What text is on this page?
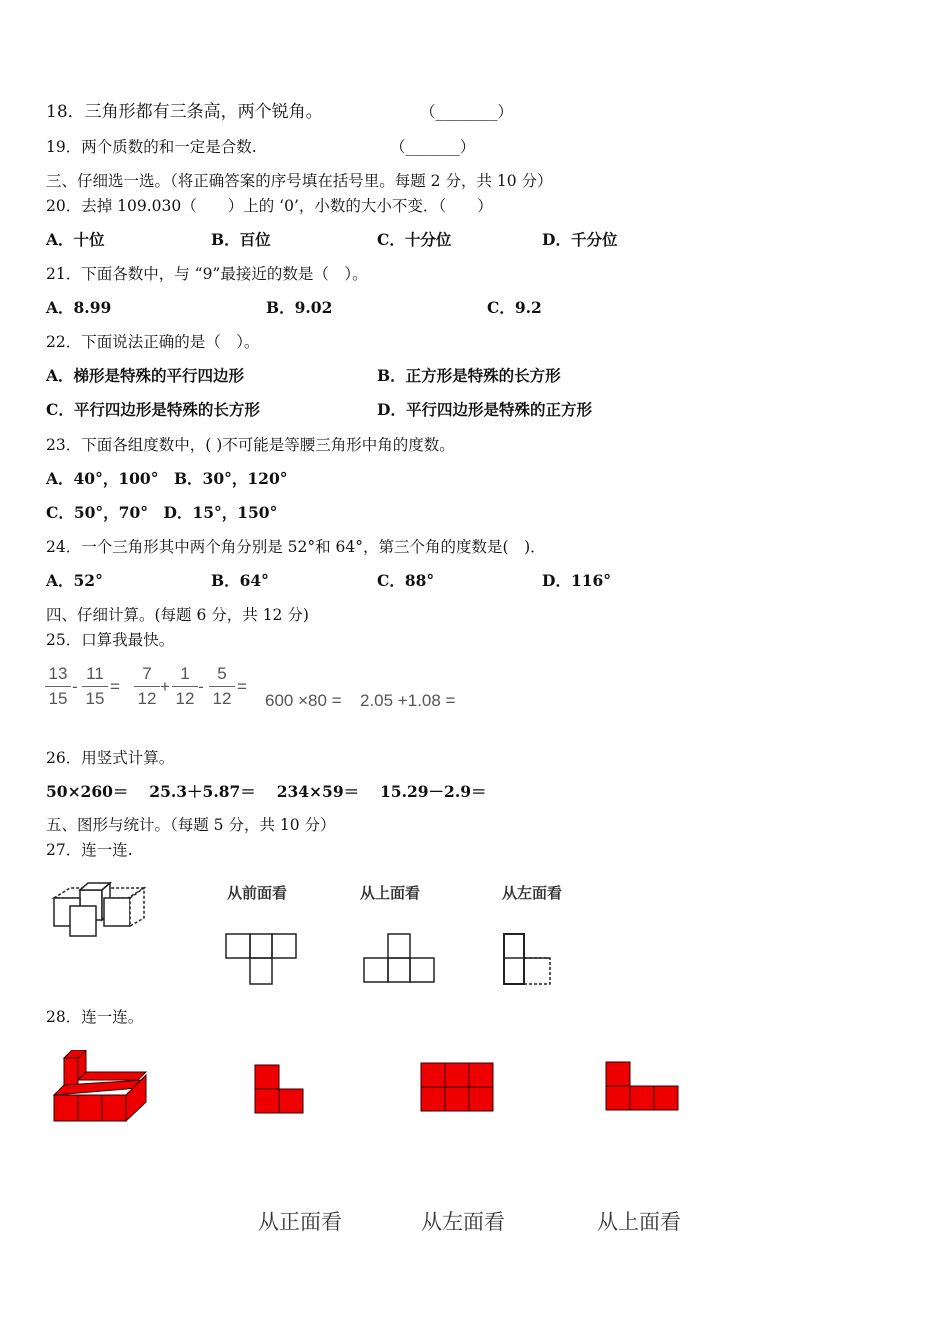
18．三角形都有三条高，两个锐角。	（________）
19．两个质数的和一定是合数.	（_______）
三、仔细选一选。（将正确答案的序号填在括号里。每题 2 分，共 10 分）
20．去掉 109.030（　　）上的 ‘0’，小数的大小不变．（　　）
A．十位	B．百位	C．十分位	D．千分位
21．下面各数中，与 “9”最接近的数是（　）。
A．8.99	B．9.02	C．9.2
22．下面说法正确的是（　）。
A．梯形是特殊的平行四边形	B．正方形是特殊的长方形
C．平行四边形是特殊的长方形	D．平行四边形是特殊的正方形
23．下面各组度数中，( )不可能是等腰三角形中角的度数。
A．40°，100°　B．30°，120°
C．50°，70°　D．15°，150°
24．一个三角形其中两个角分别是 52°和 64°，第三个角的度数是(　)．
A．52°	B．64°	C．88°	D．116°
四、仔细计算。(每题 6 分，共 12 分)
25．口算我最快。
$\frac{13}{15} - \frac{11}{15} = \frac{7}{12} + \frac{1}{12} - \frac{5}{12}$ =
600 ×80 = 2.05 +1.08 =
26．用竖式计算。
50×260＝　 25.3＋5.87＝　 234×59＝　 15.29－2.9＝
五、图形与统计。（每题 5 分，共 10 分）
27．连一连.
从前面看	从上面看	从左面看
28．连一连。
从正面看	从左面看	从上面看
